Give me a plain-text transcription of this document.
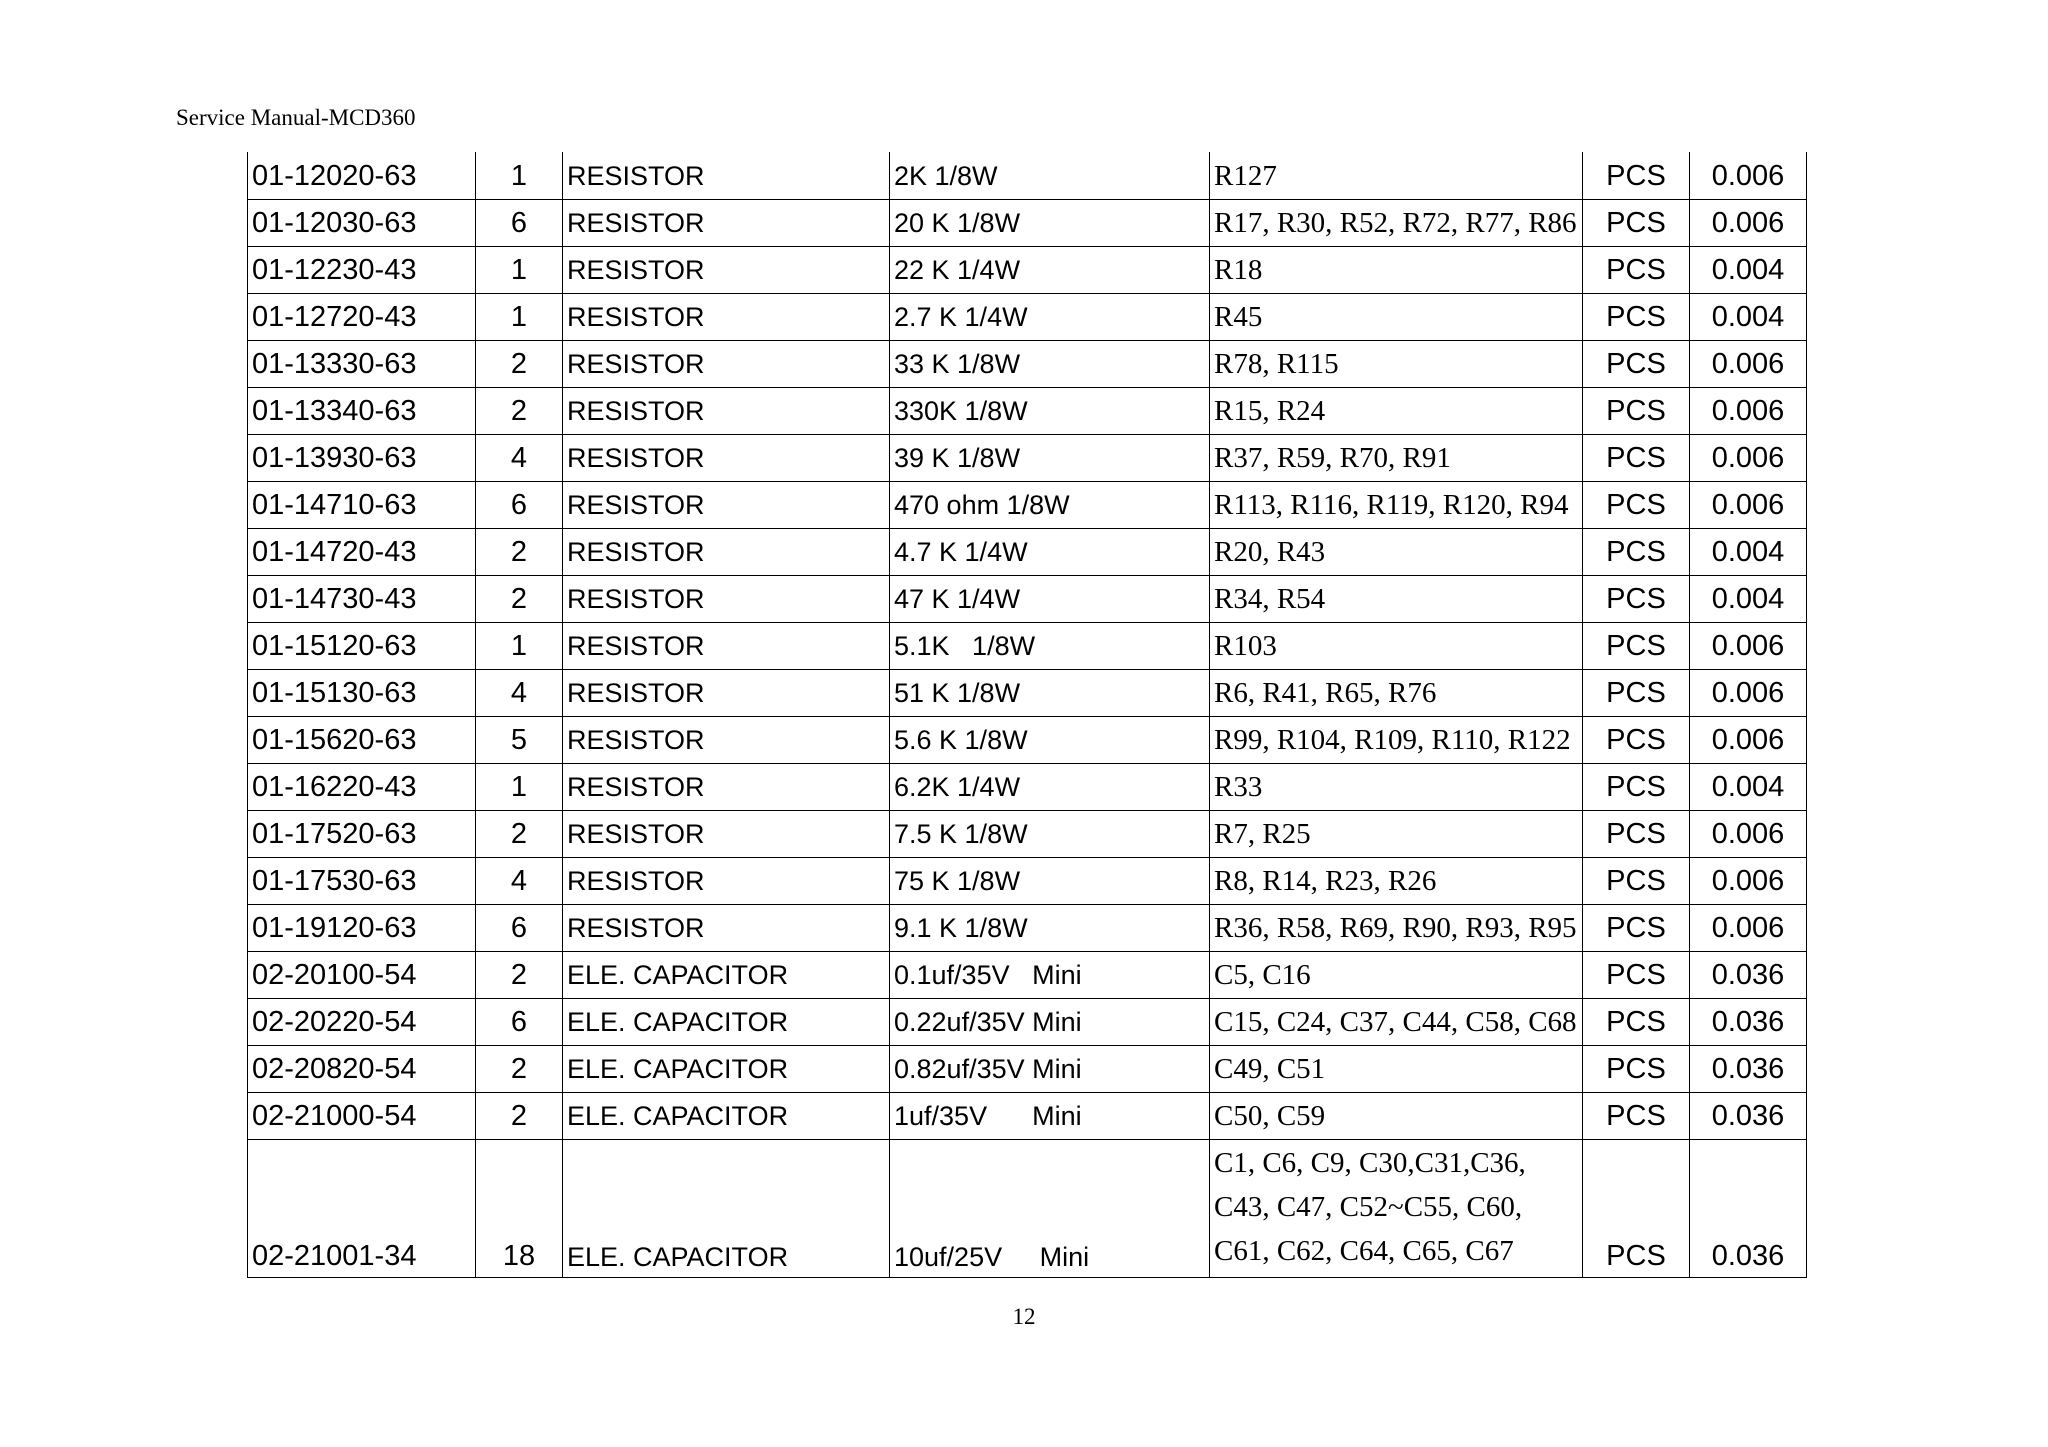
Service Manual-MCD360
01-12020-63	1	RESISTOR	2K 1/8W	R127	PCS	0.006
01-12030-63	6	RESISTOR	20 K 1/8W	R17, R30, R52, R72, R77, R86	PCS	0.006
01-12230-43	1	RESISTOR	22 K 1/4W	R18	PCS	0.004
01-12720-43	1	RESISTOR	2.7 K 1/4W	R45	PCS	0.004
01-13330-63	2	RESISTOR	33 K 1/8W	R78, R115	PCS	0.006
01-13340-63	2	RESISTOR	330K 1/8W	R15, R24	PCS	0.006
01-13930-63	4	RESISTOR	39 K 1/8W	R37, R59, R70, R91	PCS	0.006
01-14710-63	6	RESISTOR	470 ohm 1/8W	R113, R116, R119, R120, R94	PCS	0.006
01-14720-43	2	RESISTOR	4.7 K 1/4W	R20, R43	PCS	0.004
01-14730-43	2	RESISTOR	47 K 1/4W	R34, R54	PCS	0.004
01-15120-63	1	RESISTOR	5.1K   1/8W	R103	PCS	0.006
01-15130-63	4	RESISTOR	51 K 1/8W	R6, R41, R65, R76	PCS	0.006
01-15620-63	5	RESISTOR	5.6 K 1/8W	R99, R104, R109, R110, R122	PCS	0.006
01-16220-43	1	RESISTOR	6.2K 1/4W	R33	PCS	0.004
01-17520-63	2	RESISTOR	7.5 K 1/8W	R7, R25	PCS	0.006
01-17530-63	4	RESISTOR	75 K 1/8W	R8, R14, R23, R26	PCS	0.006
01-19120-63	6	RESISTOR	9.1 K 1/8W	R36, R58, R69, R90, R93, R95	PCS	0.006
02-20100-54	2	ELE. CAPACITOR	0.1uf/35V   Mini	C5, C16	PCS	0.036
02-20220-54	6	ELE. CAPACITOR	0.22uf/35V Mini	C15, C24, C37, C44, C58, C68	PCS	0.036
02-20820-54	2	ELE. CAPACITOR	0.82uf/35V Mini	C49, C51	PCS	0.036
02-21000-54	2	ELE. CAPACITOR	1uf/35V      Mini	C50, C59	PCS	0.036
02-21001-34	18	ELE. CAPACITOR	10uf/25V     Mini	C1, C6, C9, C30,C31,C36,
C43, C47, C52~C55, C60,
C61, C62, C64, C65, C67	PCS	0.036
12
